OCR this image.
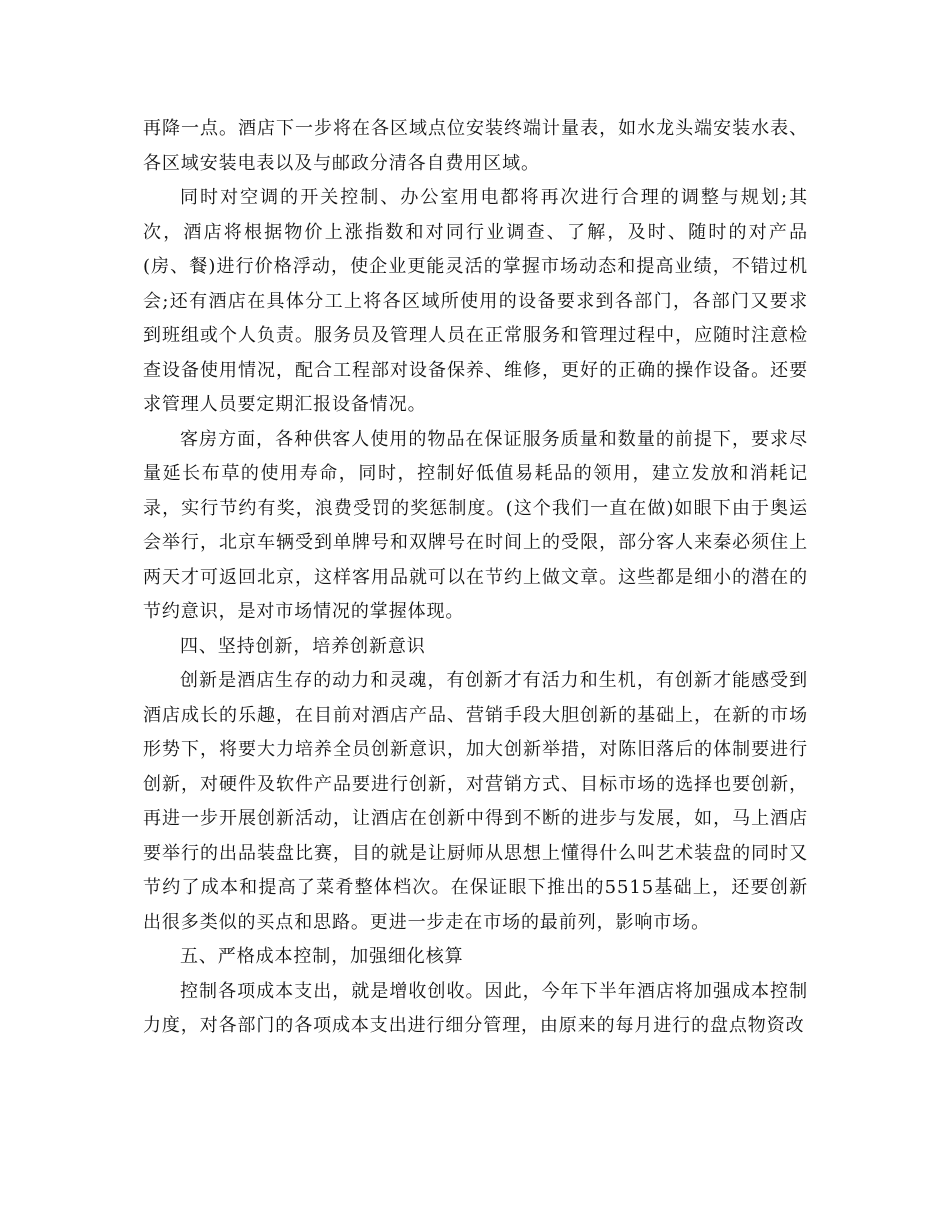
再降一点。酒店下一步将在各区域点位安装终端计量表，如水龙头端安装水表、各区域安装电表以及与邮政分清各自费用区域。

同时对空调的开关控制、办公室用电都将再次进行合理的调整与规划;其次，酒店将根据物价上涨指数和对同行业调查、了解，及时、随时的对产品(房、餐)进行价格浮动，使企业更能灵活的掌握市场动态和提高业绩，不错过机会;还有酒店在具体分工上将各区域所使用的设备要求到各部门，各部门又要求到班组或个人负责。服务员及管理人员在正常服务和管理过程中，应随时注意检查设备使用情况，配合工程部对设备保养、维修，更好的正确的操作设备。还要求管理人员要定期汇报设备情况。

客房方面，各种供客人使用的物品在保证服务质量和数量的前提下，要求尽量延长布草的使用寿命，同时，控制好低值易耗品的领用，建立发放和消耗记录，实行节约有奖，浪费受罚的奖惩制度。(这个我们一直在做)如眼下由于奥运会举行，北京车辆受到单牌号和双牌号在时间上的受限，部分客人来秦必须住上两天才可返回北京，这样客用品就可以在节约上做文章。这些都是细小的潜在的节约意识，是对市场情况的掌握体现。

四、坚持创新，培养创新意识

创新是酒店生存的动力和灵魂，有创新才有活力和生机，有创新才能感受到酒店成长的乐趣，在目前对酒店产品、营销手段大胆创新的基础上，在新的市场形势下，将要大力培养全员创新意识，加大创新举措，对陈旧落后的体制要进行创新，对硬件及软件产品要进行创新，对营销方式、目标市场的选择也要创新，再进一步开展创新活动，让酒店在创新中得到不断的进步与发展，如，马上酒店要举行的出品装盘比赛，目的就是让厨师从思想上懂得什么叫艺术装盘的同时又节约了成本和提高了菜肴整体档次。在保证眼下推出的5515基础上，还要创新出很多类似的买点和思路。更进一步走在市场的最前列，影响市场。

五、严格成本控制，加强细化核算

控制各项成本支出，就是增收创收。因此，今年下半年酒店将加强成本控制力度，对各部门的各项成本支出进行细分管理，由原来的每月进行的盘点物资改
